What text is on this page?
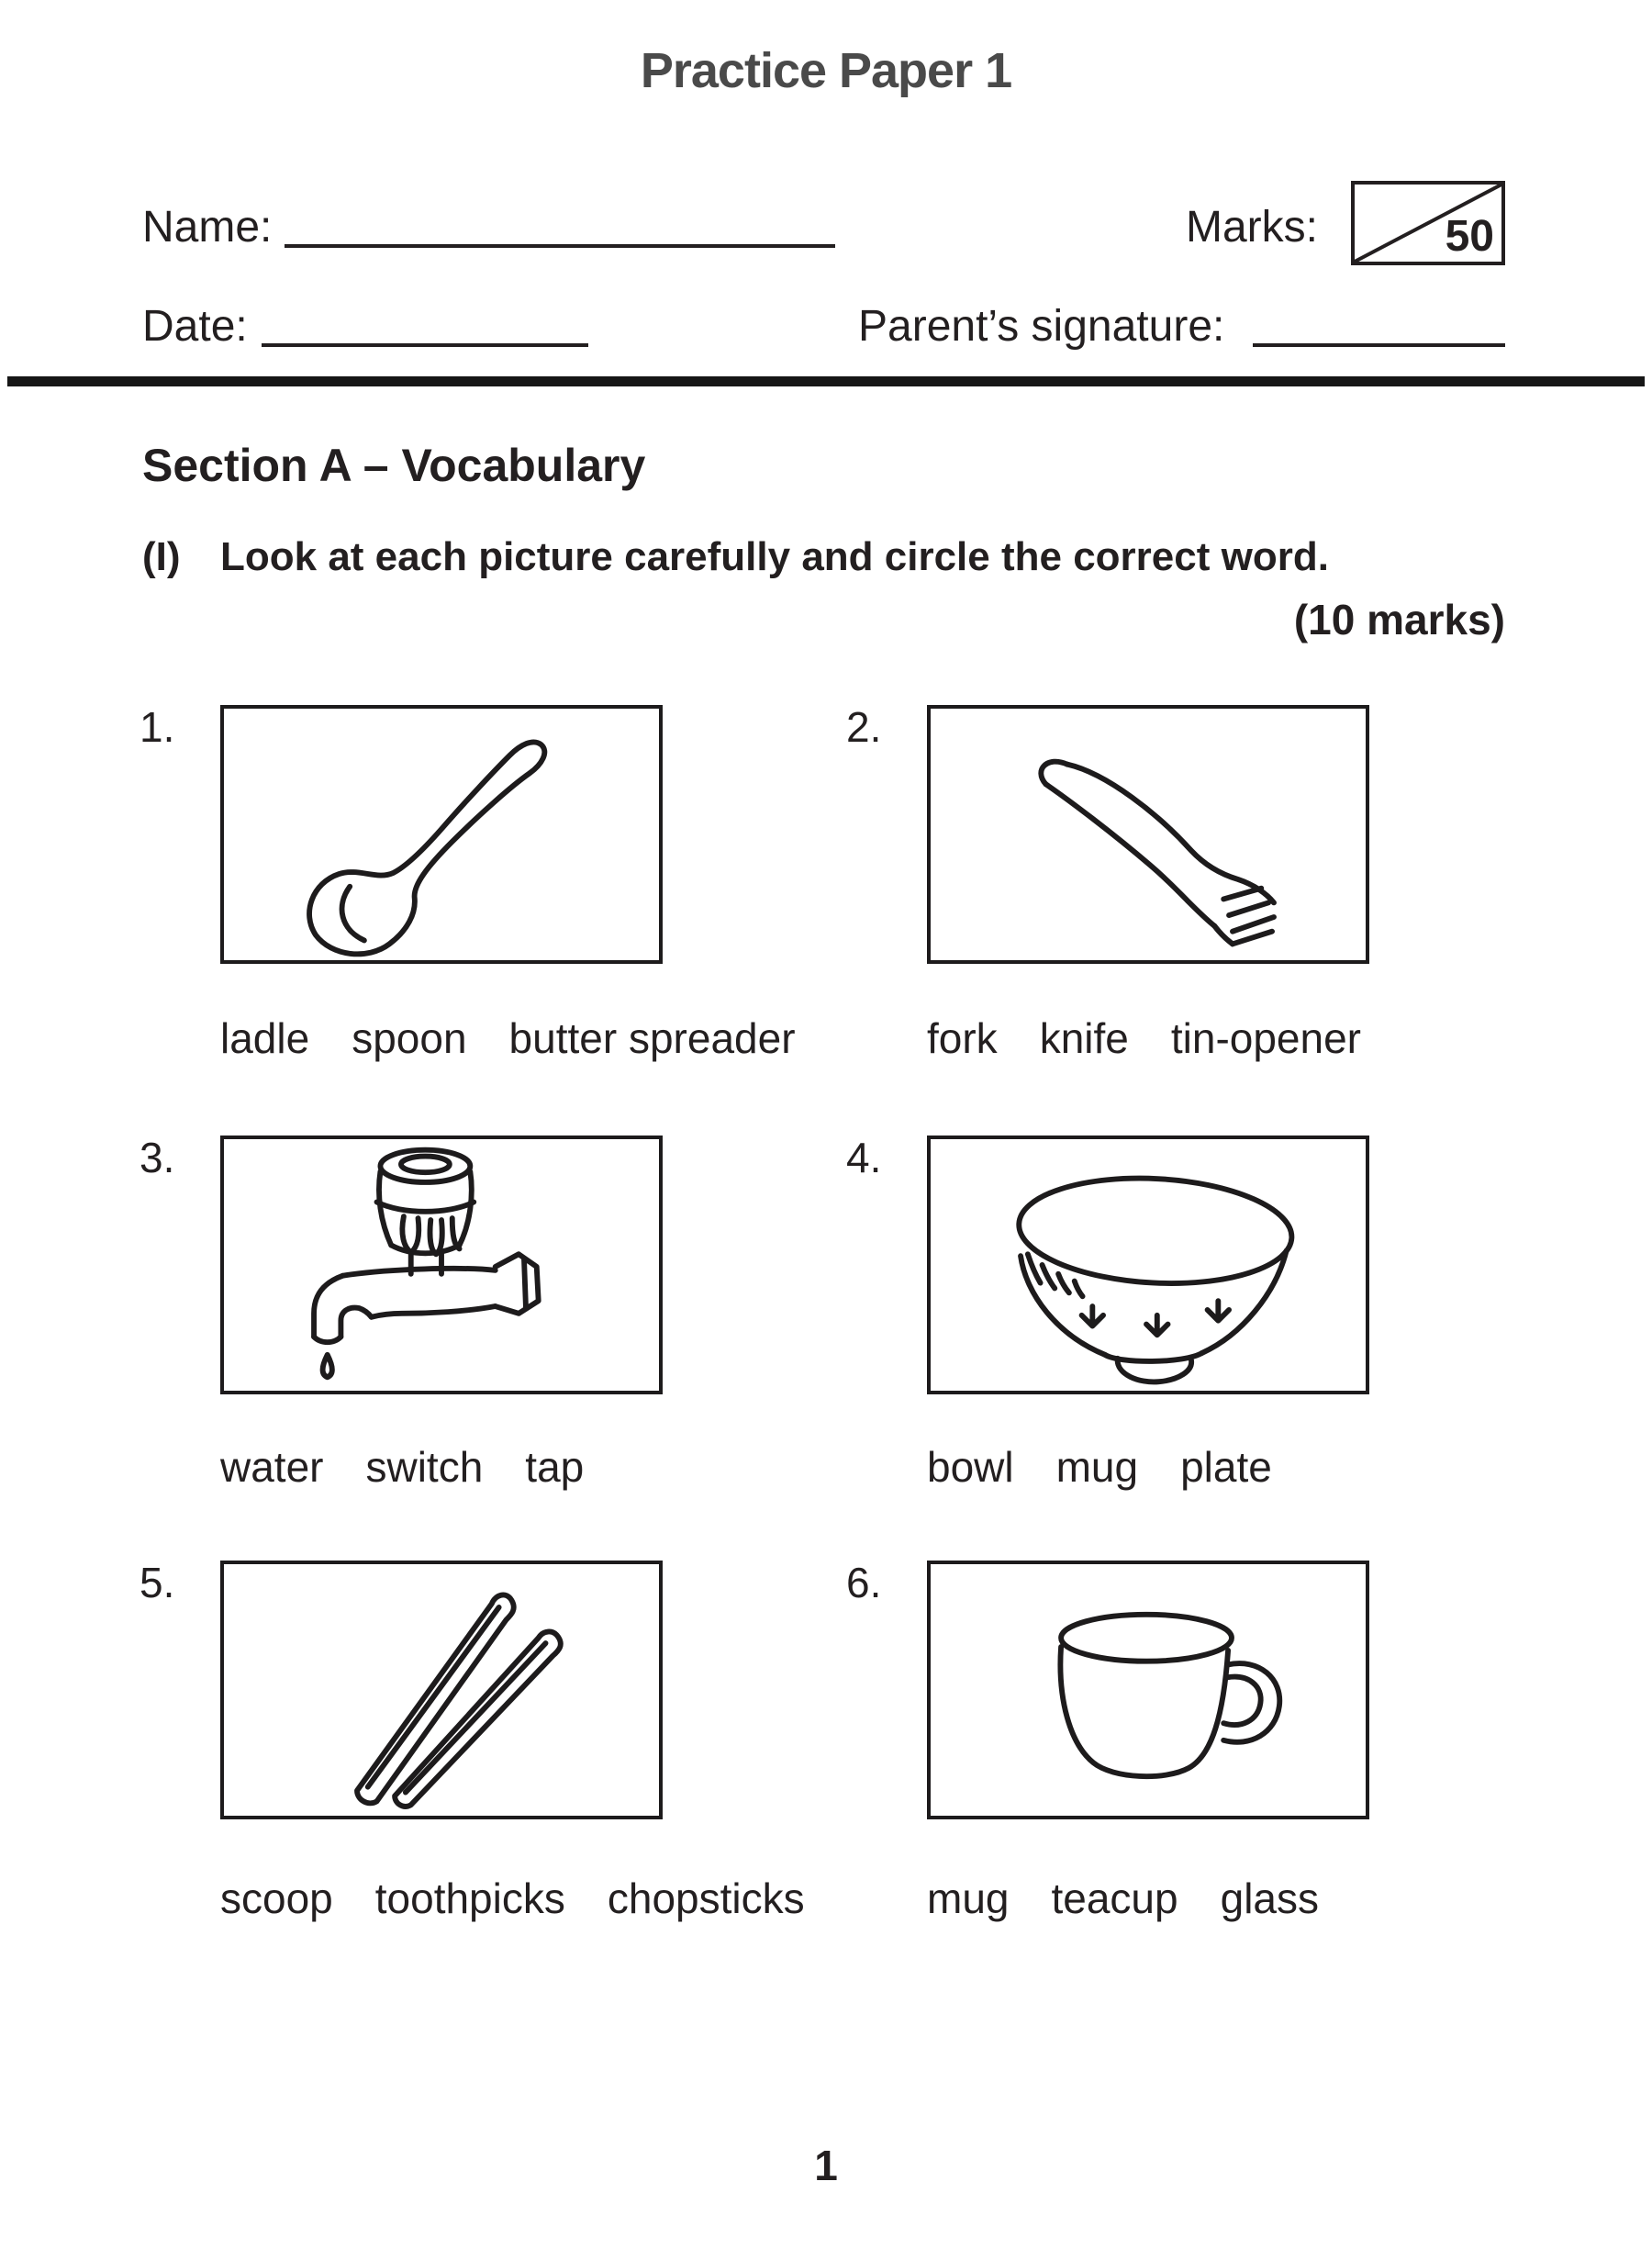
Practice Paper 1
Name:	Marks:	50
Date:	Parent’s signature:
Section A – Vocabulary
(I) Look at each picture carefully and circle the correct word.
(10 marks)
1.	2.
ladle spoon butter spreader	fork knife tin-opener
3.	4.
water switch tap	bowl mug plate
5.	6.
scoop toothpicks chopsticks	mug teacup glass
1
